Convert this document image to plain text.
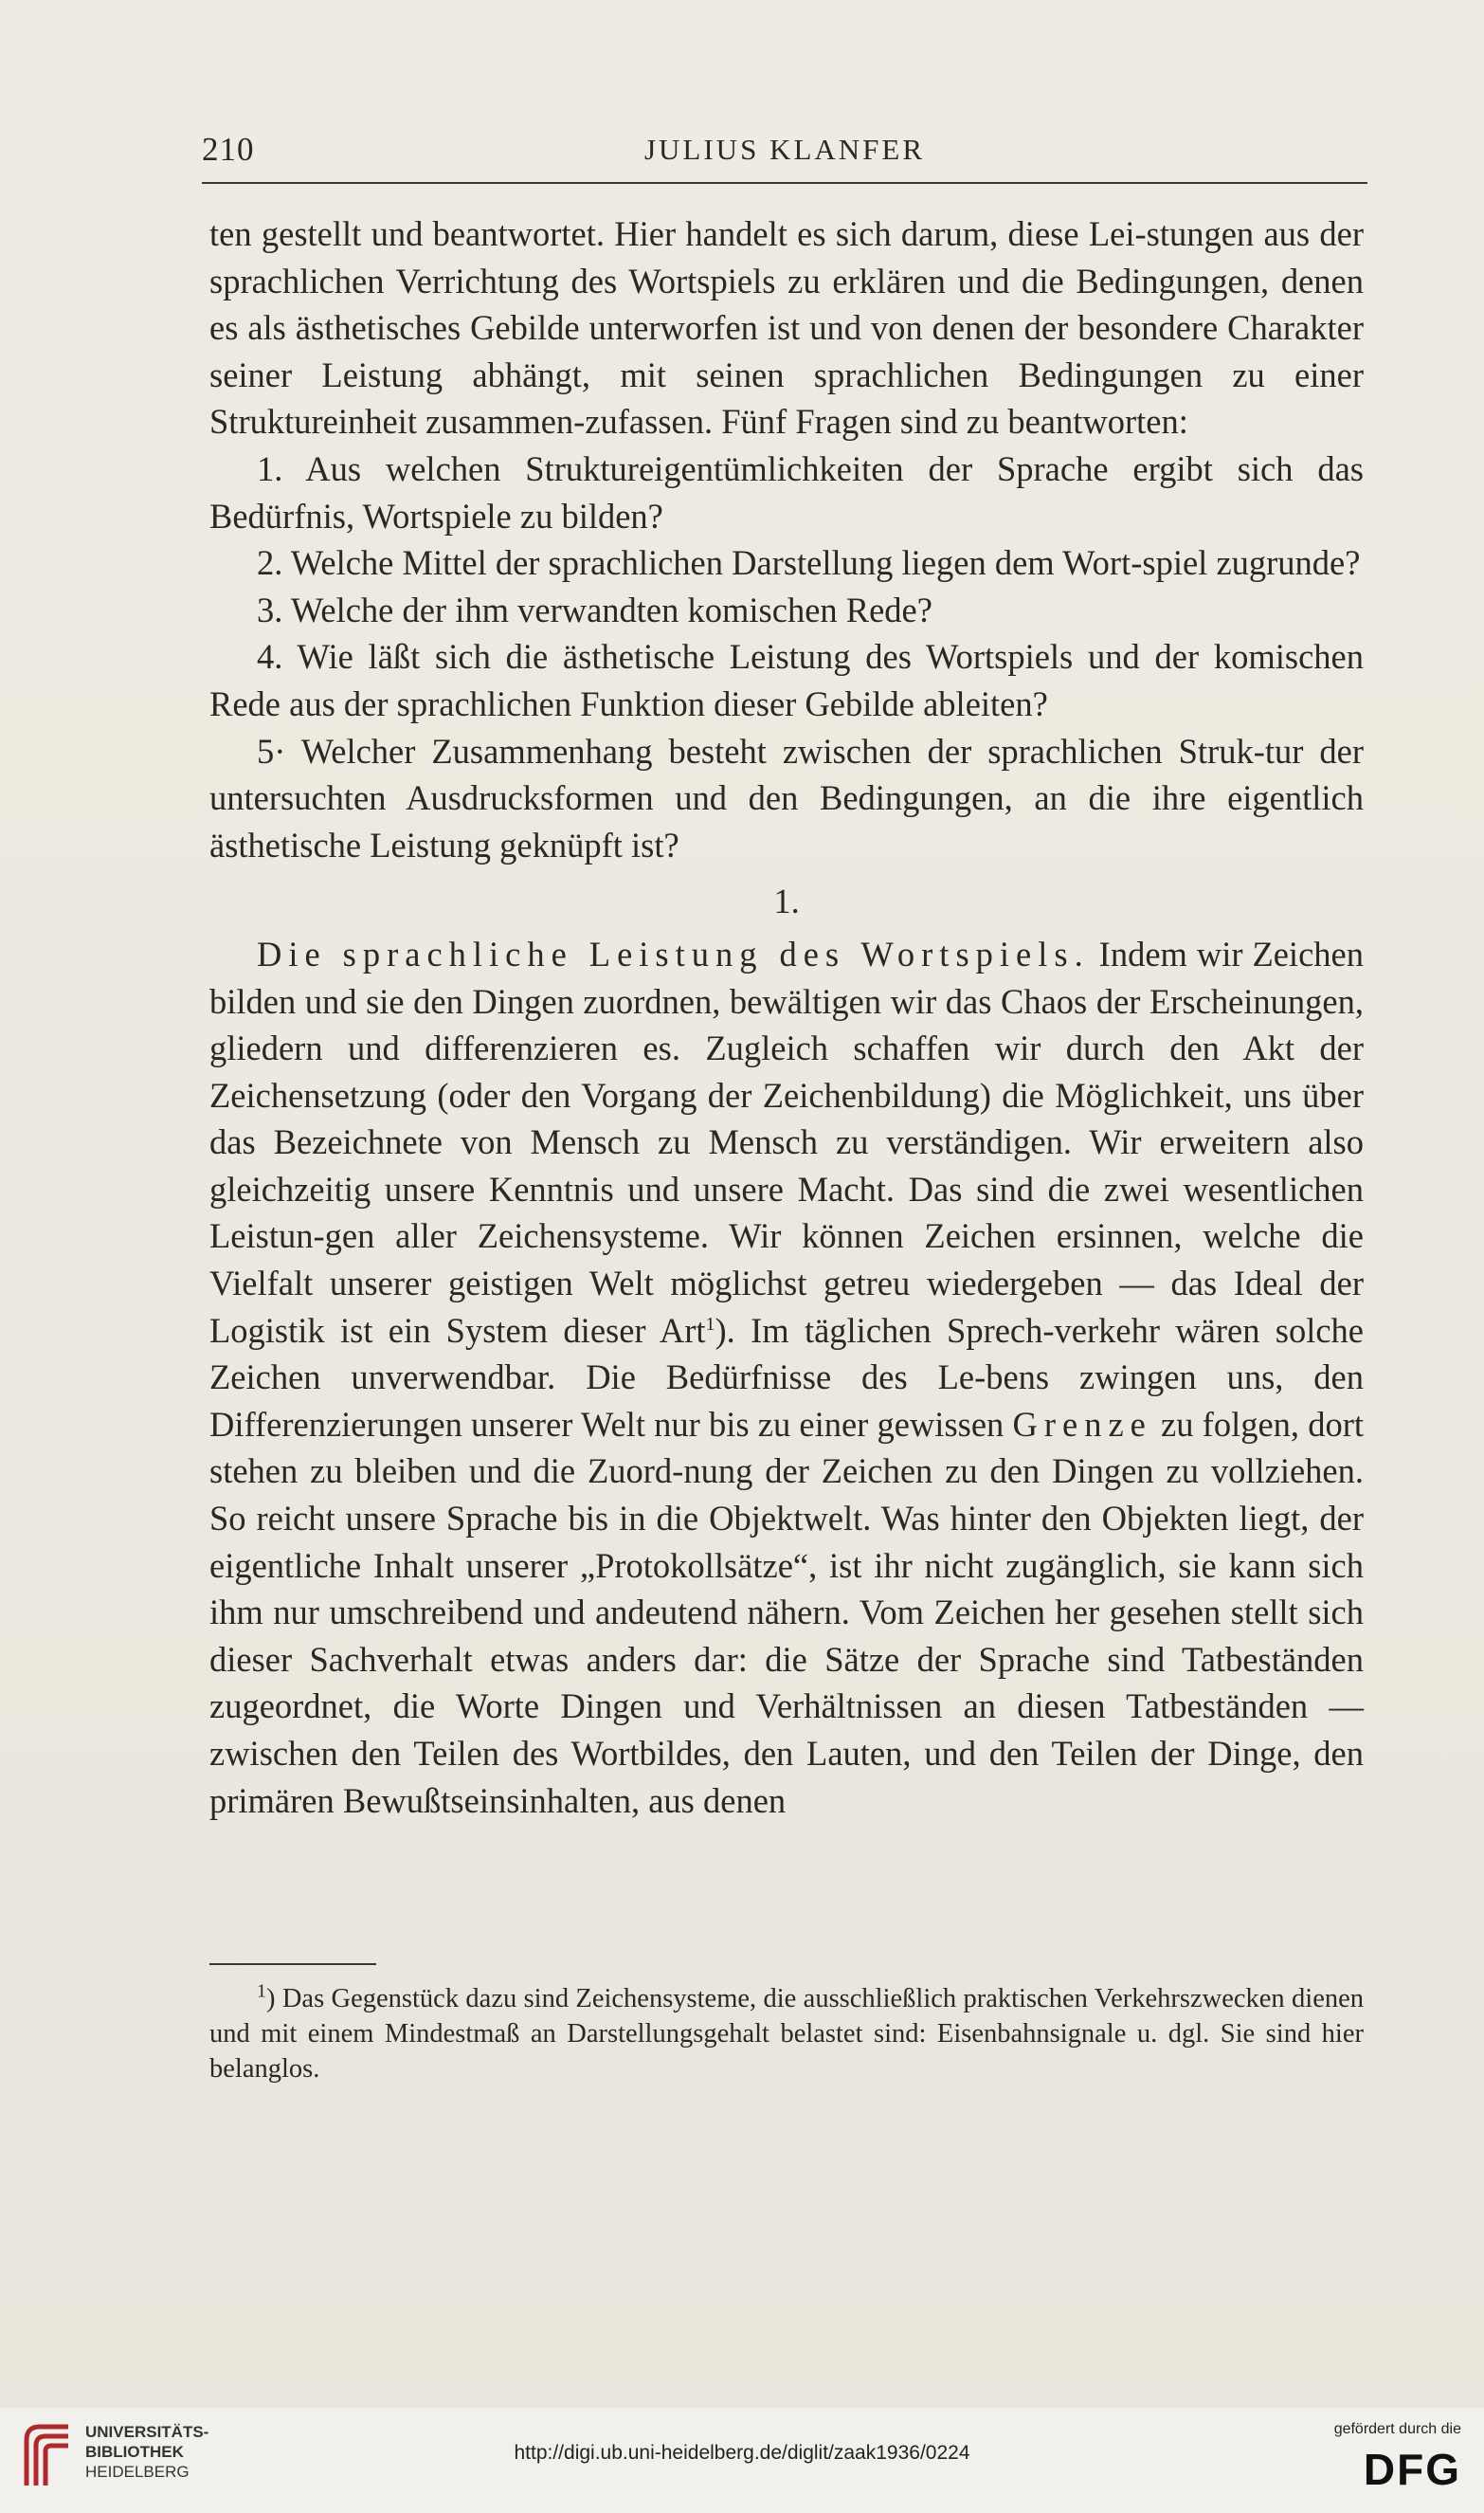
210	JULIUS KLANFER

ten gestellt und beantwortet. Hier handelt es sich darum, diese Lei-stungen aus der sprachlichen Verrichtung des Wortspiels zu erklären und die Bedingungen, denen es als ästhetisches Gebilde unterworfen ist und von denen der besondere Charakter seiner Leistung abhängt, mit seinen sprachlichen Bedingungen zu einer Struktureinheit zusammen-zufassen. Fünf Fragen sind zu beantworten:

1. Aus welchen Struktureigentümlichkeiten der Sprache ergibt sich das Bedürfnis, Wortspiele zu bilden?

2. Welche Mittel der sprachlichen Darstellung liegen dem Wort-spiel zugrunde?

3. Welche der ihm verwandten komischen Rede?

4. Wie läßt sich die ästhetische Leistung des Wortspiels und der komischen Rede aus der sprachlichen Funktion dieser Gebilde ableiten?

5· Welcher Zusammenhang besteht zwischen der sprachlichen Struk-tur der untersuchten Ausdrucksformen und den Bedingungen, an die ihre eigentlich ästhetische Leistung geknüpft ist?

1.

Die sprachliche Leistung des Wortspiels. Indem wir Zeichen bilden und sie den Dingen zuordnen, bewältigen wir das Chaos der Erscheinungen, gliedern und differenzieren es. Zugleich schaffen wir durch den Akt der Zeichensetzung (oder den Vorgang der Zeichenbildung) die Möglichkeit, uns über das Bezeichnete von Mensch zu Mensch zu verständigen. Wir erweitern also gleichzeitig unsere Kenntnis und unsere Macht. Das sind die zwei wesentlichen Leistun-gen aller Zeichensysteme. Wir können Zeichen ersinnen, welche die Vielfalt unserer geistigen Welt möglichst getreu wiedergeben — das Ideal der Logistik ist ein System dieser Art$^1$). Im täglichen Sprech-verkehr wären solche Zeichen unverwendbar. Die Bedürfnisse des Le-bens zwingen uns, den Differenzierungen unserer Welt nur bis zu einer gewissen Grenze zu folgen, dort stehen zu bleiben und die Zuord-nung der Zeichen zu den Dingen zu vollziehen. So reicht unsere Sprache bis in die Objektwelt. Was hinter den Objekten liegt, der eigentliche Inhalt unserer „Protokollsätze“, ist ihr nicht zugänglich, sie kann sich ihm nur umschreibend und andeutend nähern. Vom Zeichen her gesehen stellt sich dieser Sachverhalt etwas anders dar: die Sätze der Sprache sind Tatbeständen zugeordnet, die Worte Dingen und Verhältnissen an diesen Tatbeständen — zwischen den Teilen des Wortbildes, den Lauten, und den Teilen der Dinge, den primären Bewußtseinsinhalten, aus denen

$^1$) Das Gegenstück dazu sind Zeichensysteme, die ausschließlich praktischen Verkehrszwecken dienen und mit einem Mindestmaß an Darstellungsgehalt belastet sind: Eisenbahnsignale u. dgl. Sie sind hier belanglos.

UNIVERSITÄTS-
BIBLIOTHEK
HEIDELBERG
http://digi.ub.uni-heidelberg.de/diglit/zaak1936/0224
gefördert durch die
DFG
